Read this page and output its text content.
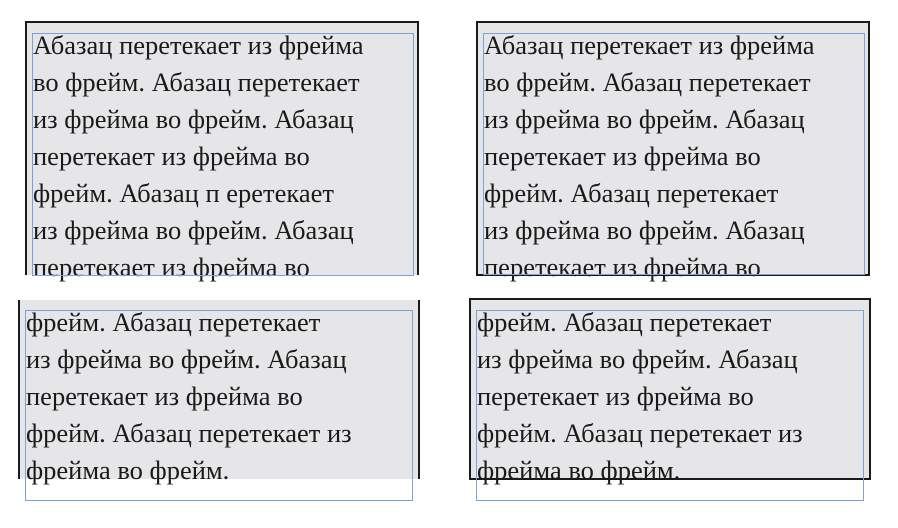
Абазац перетекает из фрейма
во фрейм. Абазац перетекает
из фрейма во фрейм. Абазац
перетекает из фрейма во
фрейм. Абазац п еретекает
из фрейма во фрейм. Абазац
перетекает из фрейма во
Абазац перетекает из фрейма
во фрейм. Абазац перетекает
из фрейма во фрейм. Абазац
перетекает из фрейма во
фрейм. Абазац перетекает
из фрейма во фрейм. Абазац
перетекает из фрейма во
фрейм. Абазац перетекает
из фрейма во фрейм. Абазац
перетекает из фрейма во
фрейм. Абазац перетекает из
фрейма во фрейм.
фрейм. Абазац перетекает
из фрейма во фрейм. Абазац
перетекает из фрейма во
фрейм. Абазац перетекает из
фрейма во фрейм.
